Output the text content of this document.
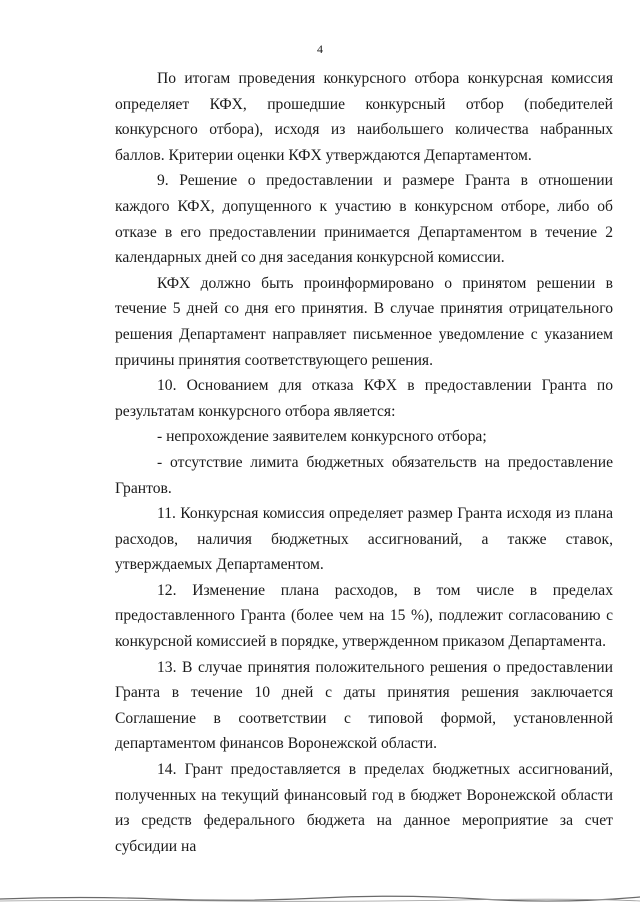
4

По итогам проведения конкурсного отбора конкурсная комиссия определяет КФХ, прошедшие конкурсный отбор (победителей конкурсного отбора), исходя из наибольшего количества набранных баллов. Критерии оценки КФХ утверждаются Департаментом.

9. Решение о предоставлении и размере Гранта в отношении каждого КФХ, допущенного к участию в конкурсном отборе, либо об отказе в его предоставлении принимается Департаментом в течение 2 календарных дней со дня заседания конкурсной комиссии.

КФХ должно быть проинформировано о принятом решении в течение 5 дней со дня его принятия. В случае принятия отрицательного решения Департамент направляет письменное уведомление с указанием причины принятия соответствующего решения.

10. Основанием для отказа КФХ в предоставлении Гранта по результатам конкурсного отбора является:

- непрохождение заявителем конкурсного отбора;

- отсутствие лимита бюджетных обязательств на предоставление Грантов.

11. Конкурсная комиссия определяет размер Гранта исходя из плана расходов, наличия бюджетных ассигнований, а также ставок, утверждаемых Департаментом.

12. Изменение плана расходов, в том числе в пределах предоставленного Гранта (более чем на 15 %), подлежит согласованию с конкурсной комиссией в порядке, утвержденном приказом Департамента.

13. В случае принятия положительного решения о предоставлении Гранта в течение 10 дней с даты принятия решения заключается Соглашение в соответствии с типовой формой, установленной департаментом финансов Воронежской области.

14. Грант предоставляется в пределах бюджетных ассигнований, полученных на текущий финансовый год в бюджет Воронежской области из средств федерального бюджета на данное мероприятие за счет субсидии на
